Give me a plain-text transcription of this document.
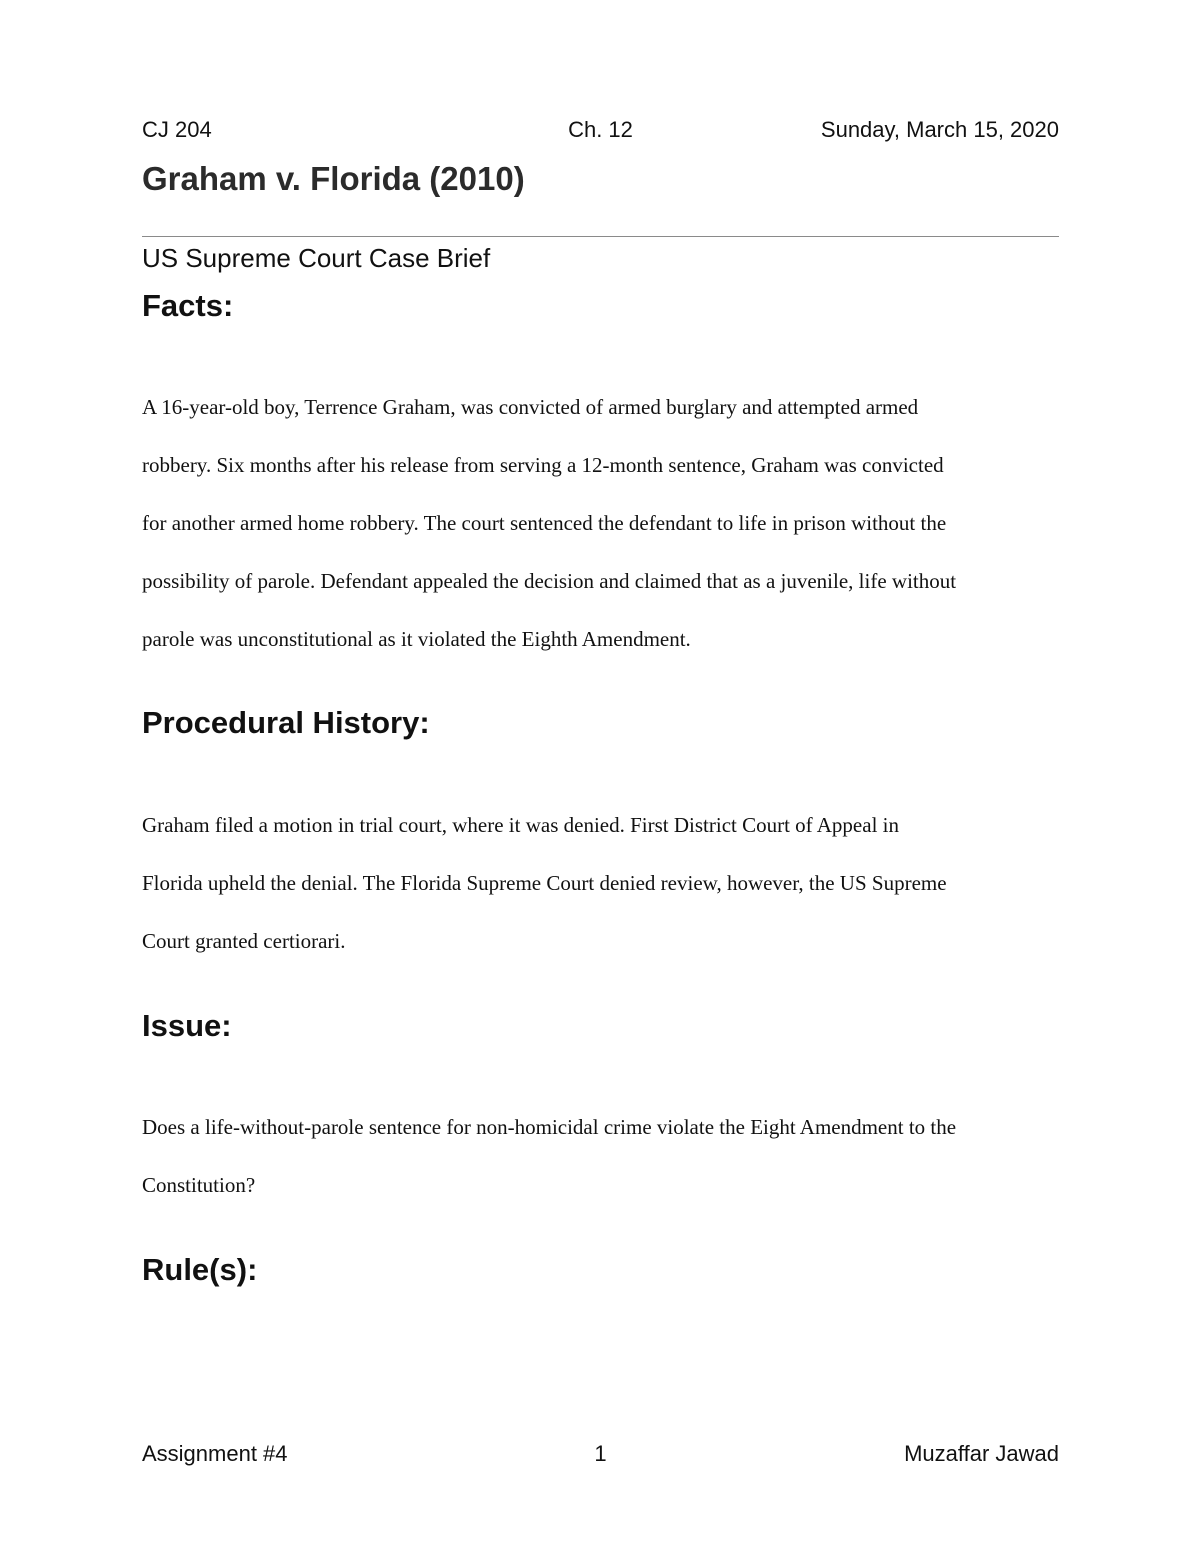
CJ 204	Ch. 12	Sunday, March 15, 2020
Graham v. Florida (2010)
US Supreme Court Case Brief
Facts:
A 16-year-old boy, Terrence Graham, was convicted of armed burglary and attempted armed
robbery. Six months after his release from serving a 12-month sentence, Graham was convicted
for another armed home robbery. The court sentenced the defendant to life in prison without the
possibility of parole. Defendant appealed the decision and claimed that as a juvenile, life without
parole was unconstitutional as it violated the Eighth Amendment.
Procedural History:
Graham filed a motion in trial court, where it was denied. First District Court of Appeal in
Florida upheld the denial. The Florida Supreme Court denied review, however, the US Supreme
Court granted certiorari.
Issue:
Does a life-without-parole sentence for non-homicidal crime violate the Eight Amendment to the
Constitution?
Rule(s):
Assignment #4	1	Muzaffar Jawad
